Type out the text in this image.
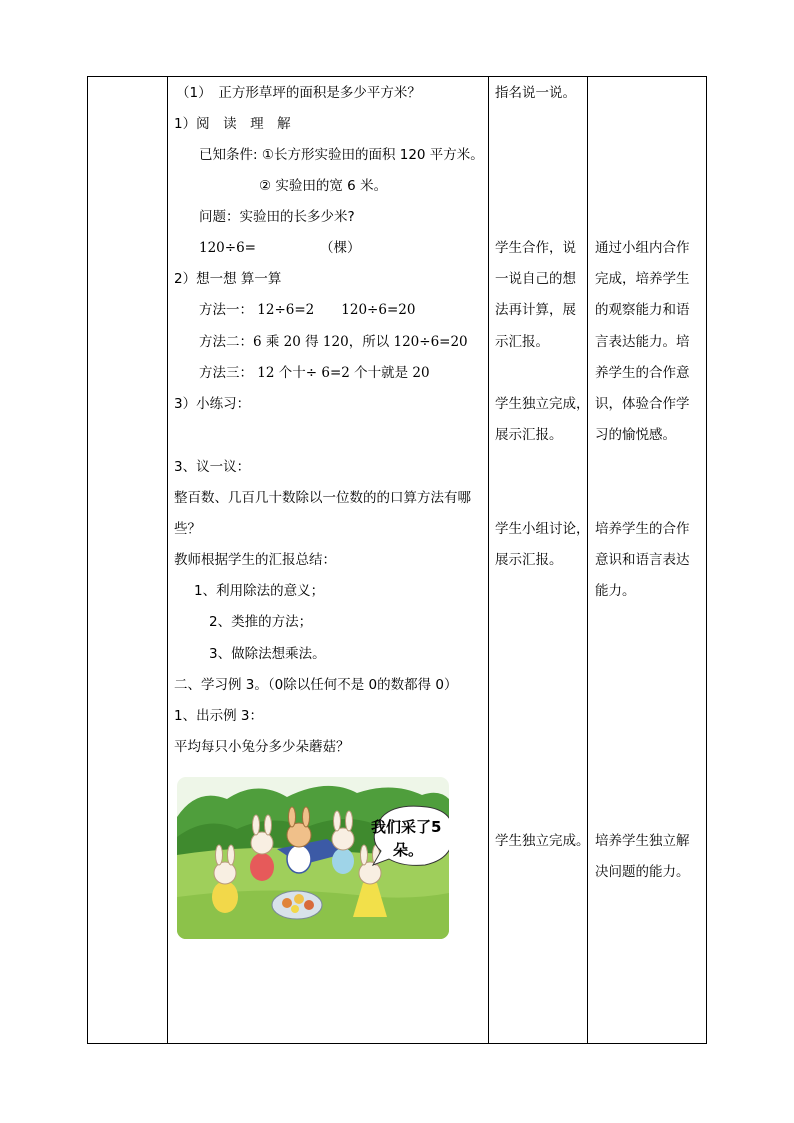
（1）　正方形草坪的面积是多少平方米？
1）阅　读　理　解
已知条件: ①长方形实验田的面积 120 平方米。
② 实验田的宽 6 米。
问题：实验田的长多少米?
120÷6=	（棵）
2）想一想 算一算
方法一： 12÷6=2　　120÷6=20
方法二：6 乘 20 得 120，所以 120÷6=20
方法三： 12 个十÷ 6=2 个十就是 20
3）小练习：
3、议一议：
整百数、几百几十数除以一位数的的口算方法有哪
些？
教师根据学生的汇报总结：
1、利用除法的意义；
2、类推的方法；
3、做除法想乘法。
二、学习例 3。（0除以任何不是 0的数都得 0）
1、出示例 3：
平均每只小兔分多少朵蘑菇？
我们采了5
朵。
指名说一说。
学生合作，说
一说自己的想
法再计算，展
示汇报。
学生独立完成，
展示汇报。
学生小组讨论，
展示汇报。
学生独立完成。
通过小组内合作
完成，培养学生
的观察能力和语
言表达能力。培
养学生的合作意
识，体验合作学
习的愉悦感。
培养学生的合作
意识和语言表达
能力。
培养学生独立解
决问题的能力。
